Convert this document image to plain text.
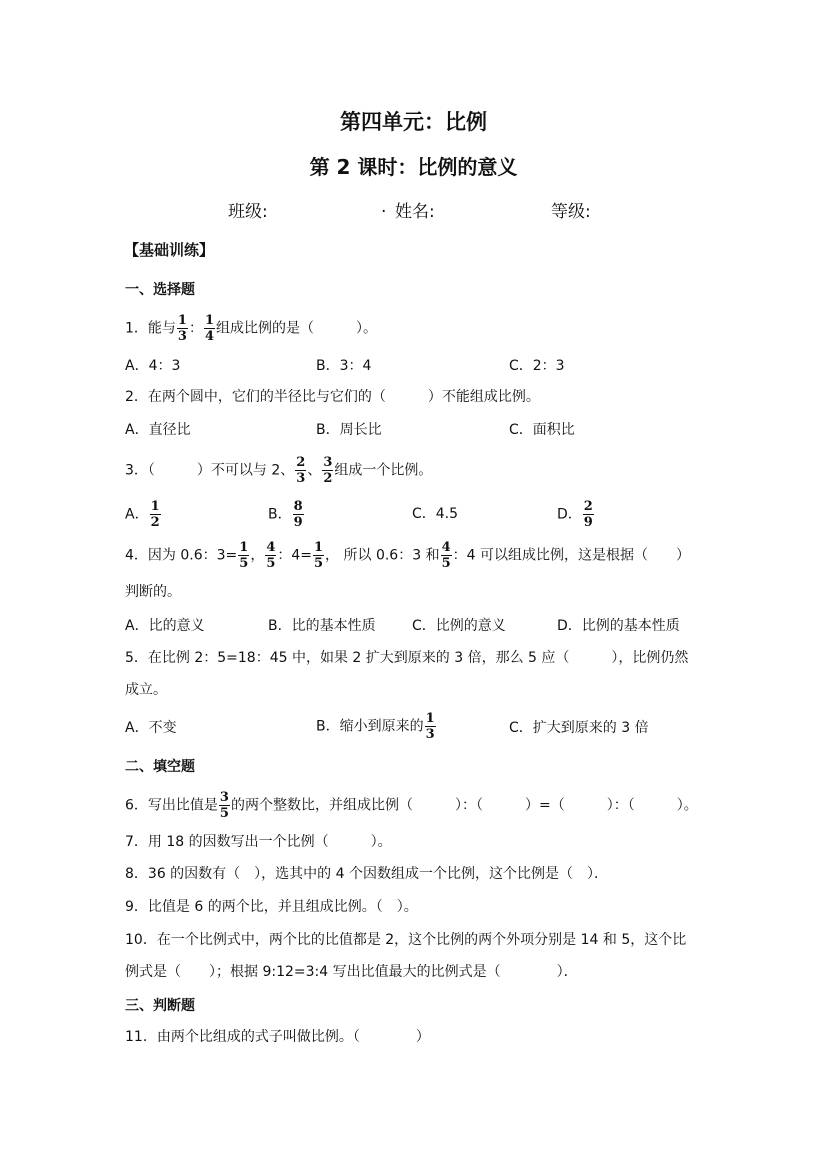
第四单元：比例
第 2 课时：比例的意义
班级:	. 姓名:	等级:
【基础训练】
一、选择题
1．能与 $\frac{1}{3}$ ： $\frac{1}{4}$ 组成比例的是（　　　）。
A．4：3	B．3：4	C．2：3
2．在两个圆中，它们的半径比与它们的（　　　）不能组成比例。
A．直径比	B．周长比	C．面积比
3．（　　　）不可以与 2、 $\frac{2}{3}$ 、 $\frac{3}{2}$ 组成一个比例。
A． $\frac{1}{2}$	B． $\frac{8}{9}$	C．4.5	D． $\frac{2}{9}$
4．因为 0.6：$3= \frac{1}{5}$ ， $\frac{4}{5}$ ：$4= \frac{1}{5}$ ， 所以 0.6：3 和 $\frac{4}{5}$ ：4 可以组成比例，这是根据（　　）
判断的。
A．比的意义	B．比的基本性质	C．比例的意义	D．比例的基本性质
5．在比例 2：5=18：45 中，如果 2 扩大到原来的 3 倍，那么 5 应（　　　），比例仍然
成立。
A．不变	B．缩小到原来的 $\frac{1}{3}$	C．扩大到原来的 3 倍
二、填空题
6．写出比值是 $\frac{3}{5}$ 的两个整数比，并组成比例（　　　）：（　　　）=（　　　）：（　　　）。
7．用 18 的因数写出一个比例（　　　）。
8．36 的因数有（　），选其中的 4 个因数组成一个比例，这个比例是（　）．
9．比值是 6 的两个比，并且组成比例。（　）。
10．在一个比例式中，两个比的比值都是 2，这个比例的两个外项分别是 14 和 5，这个比
例式是（　　）；根据 9:12=3:4 写出比值最大的比例式是（　　　　）．
三、判断题
11．由两个比组成的式子叫做比例。（　　　　）
